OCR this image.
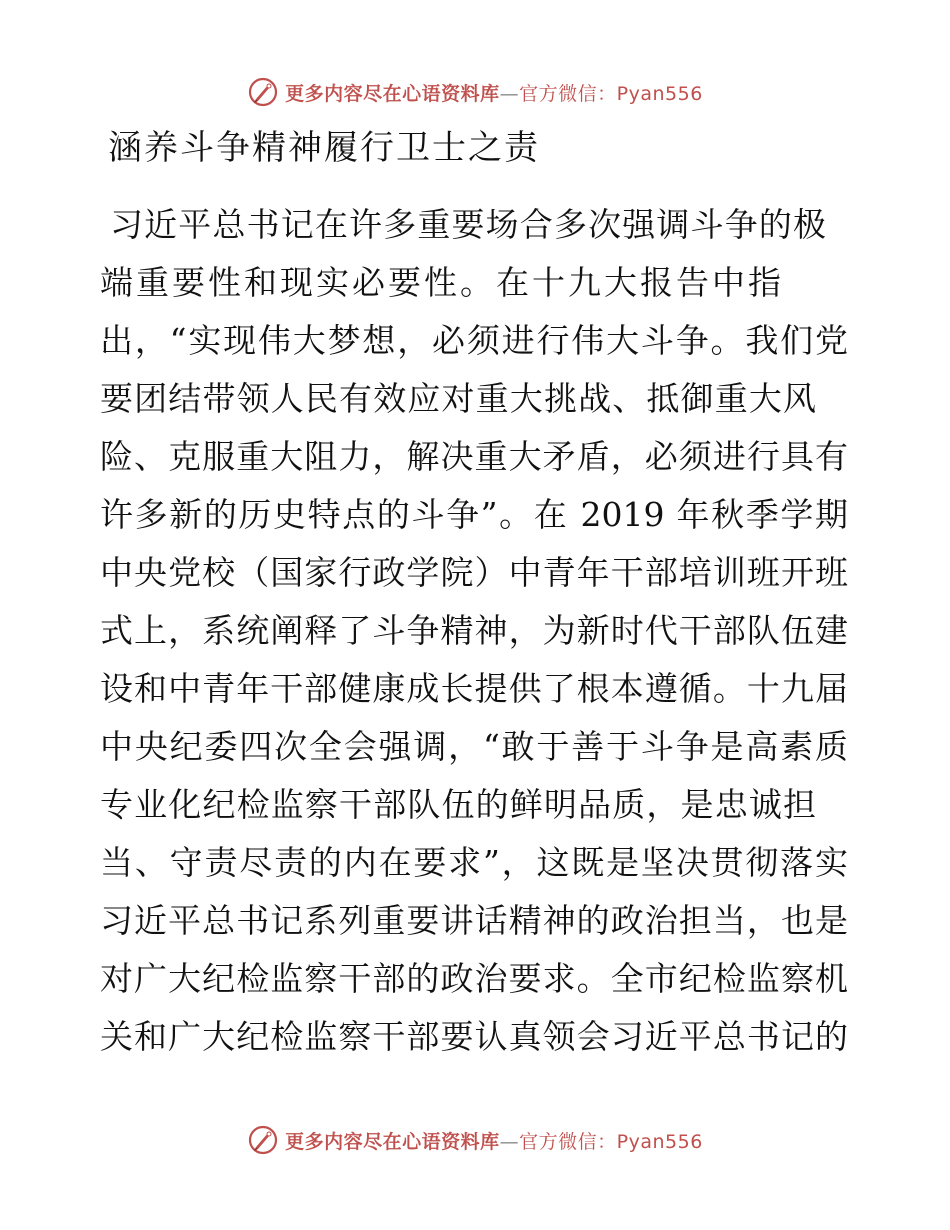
更多内容尽在心语资料库—官方微信：Pyan556
涵养斗争精神履行卫士之责
习近平总书记在许多重要场合多次强调斗争的极
端重要性和现实必要性。在十九大报告中指
出，“实现伟大梦想，必须进行伟大斗争。我们党
要团结带领人民有效应对重大挑战、抵御重大风
险、克服重大阻力，解决重大矛盾，必须进行具有
许多新的历史特点的斗争”。在 2019 年秋季学期
中央党校（国家行政学院）中青年干部培训班开班
式上，系统阐释了斗争精神，为新时代干部队伍建
设和中青年干部健康成长提供了根本遵循。十九届
中央纪委四次全会强调，“敢于善于斗争是高素质
专业化纪检监察干部队伍的鲜明品质，是忠诚担
当、守责尽责的内在要求”，这既是坚决贯彻落实
习近平总书记系列重要讲话精神的政治担当，也是
对广大纪检监察干部的政治要求。全市纪检监察机
关和广大纪检监察干部要认真领会习近平总书记的
更多内容尽在心语资料库—官方微信：Pyan556
